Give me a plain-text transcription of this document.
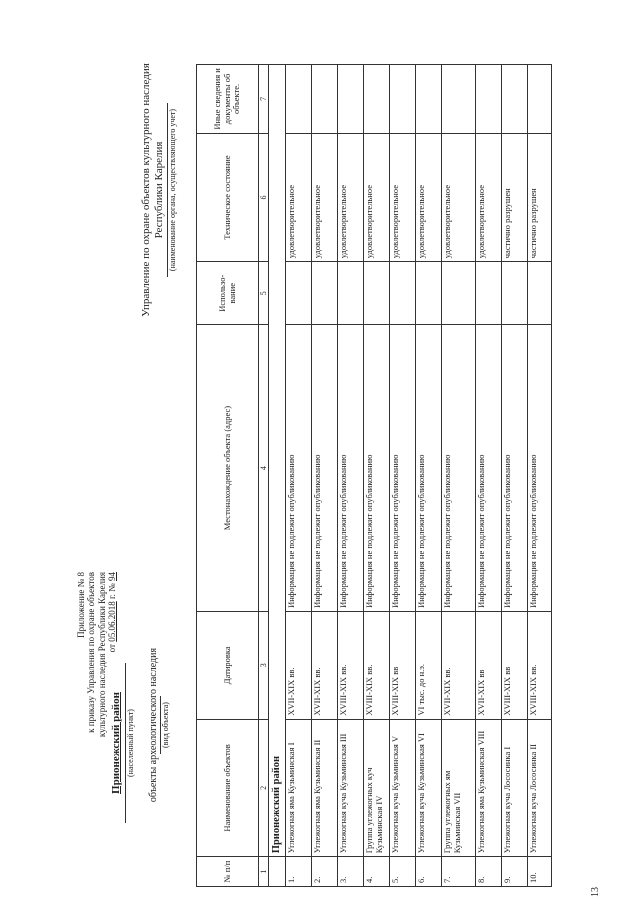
13
Приложение № 8 к приказу Управления по охране объектов культурного наследия Республики Карелия от 05.06.2018 г. № 94
Управление по охране объектов культурного наследия Республики Карелия (наименование органа, осуществляющего учет)
Прионежский район (населенный пункт) объекты археологического наследия (вид объекта)
№ п/п	Наименование объектов	Датировка	Местонахождение объекта (адрес)	Использо-вание	Техническое состояние	Иные сведения и документы об объекте.
1	2	3	4	5	6	7
	Прионежский район					
1.	Углежогная яма Кузьминская I	XVII-XIX вв.	Информация не подлежит опубликованию		удовлетворительное	
2.	Углежогная яма Кузьминская II	XVII-XIX вв.	Информация не подлежит опубликованию		удовлетворительное	
3.	Углежогная куча Кузьминская III	XVIII-XIX вв.	Информация не подлежит опубликованию		удовлетворительное	
4.	Группа углежогных куч Кузьминская IV	XVIII-XIX вв.	Информация не подлежит опубликованию		удовлетворительное	
5.	Углежогная куча Кузьминская V	XVIII-XIX вв	Информация не подлежит опубликованию		удовлетворительное	
6.	Углежогная куча Кузьминская VI	VI тыс. до н.э.	Информация не подлежит опубликованию		удовлетворительное	
7.	Группа углежогных ям Кузьминская VII	XVII-XIX вв.	Информация не подлежит опубликованию		удовлетворительное	
8.	Углежогная яма Кузьминская VIII	XVII-XIX вв	Информация не подлежит опубликованию		удовлетворительное	
9.	Углежогная куча Лососинка I	XVIII-XIX вв	Информация не подлежит опубликованию		частично разрушен	
10.	Углежогная куча Лососинка II	XVIII-XIX вв.	Информация не подлежит опубликованию		частично разрушен	
